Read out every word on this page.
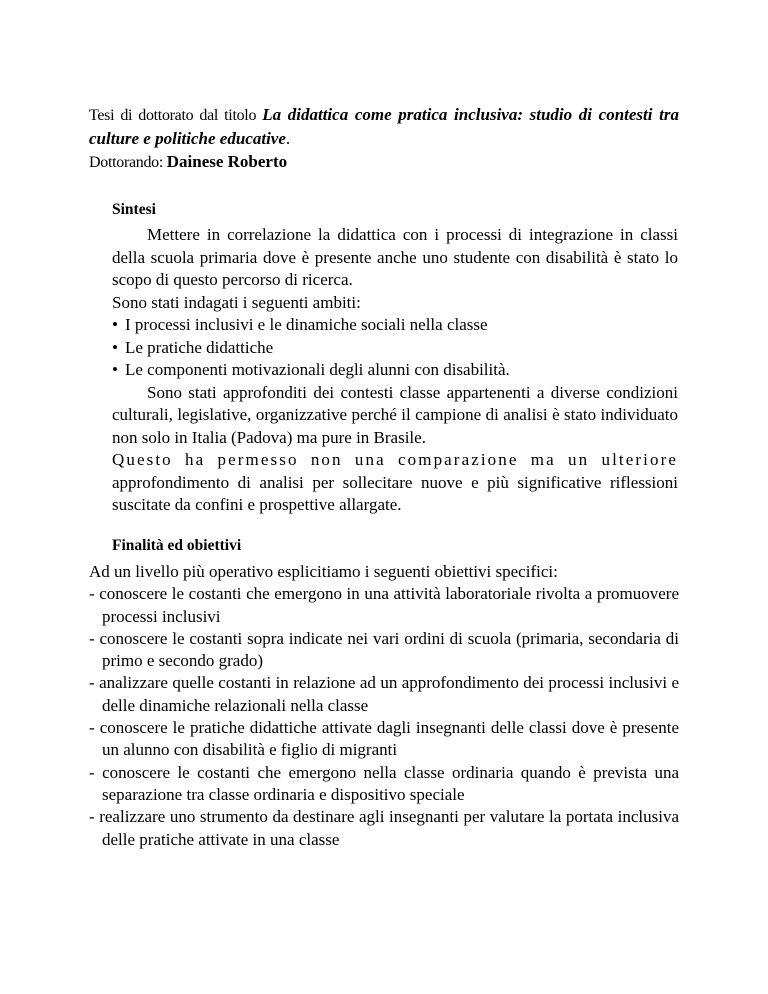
Tesi di dottorato dal titolo La didattica come pratica inclusiva: studio di contesti tra culture e politiche educative.

Dottorando: Dainese Roberto

Sintesi

Mettere in correlazione la didattica con i processi di integrazione in classi della scuola primaria dove è presente anche uno studente con disabilità è stato lo scopo di questo percorso di ricerca.

Sono stati indagati i seguenti ambiti:

• I processi inclusivi e le dinamiche sociali nella classe
• Le pratiche didattiche
• Le componenti motivazionali degli alunni con disabilità.

Sono stati approfonditi dei contesti classe appartenenti a diverse condizioni culturali, legislative, organizzative perché il campione di analisi è stato individuato non solo in Italia (Padova) ma pure in Brasile.

Questo ha permesso non una comparazione ma un ulteriore approfondimento di analisi per sollecitare nuove e più significative riflessioni suscitate da confini e prospettive allargate.

Finalità ed obiettivi

Ad un livello più operativo esplicitiamo i seguenti obiettivi specifici:

- conoscere le costanti che emergono in una attività laboratoriale rivolta a promuovere processi inclusivi
- conoscere le costanti sopra indicate nei vari ordini di scuola (primaria, secondaria di primo e secondo grado)
- analizzare quelle costanti in relazione ad un approfondimento dei processi inclusivi e delle dinamiche relazionali nella classe
- conoscere le pratiche didattiche attivate dagli insegnanti delle classi dove è presente un alunno con disabilità e figlio di migranti
- conoscere le costanti che emergono nella classe ordinaria quando è prevista una separazione tra classe ordinaria e dispositivo speciale
- realizzare uno strumento da destinare agli insegnanti per valutare la portata inclusiva delle pratiche attivate in una classe
